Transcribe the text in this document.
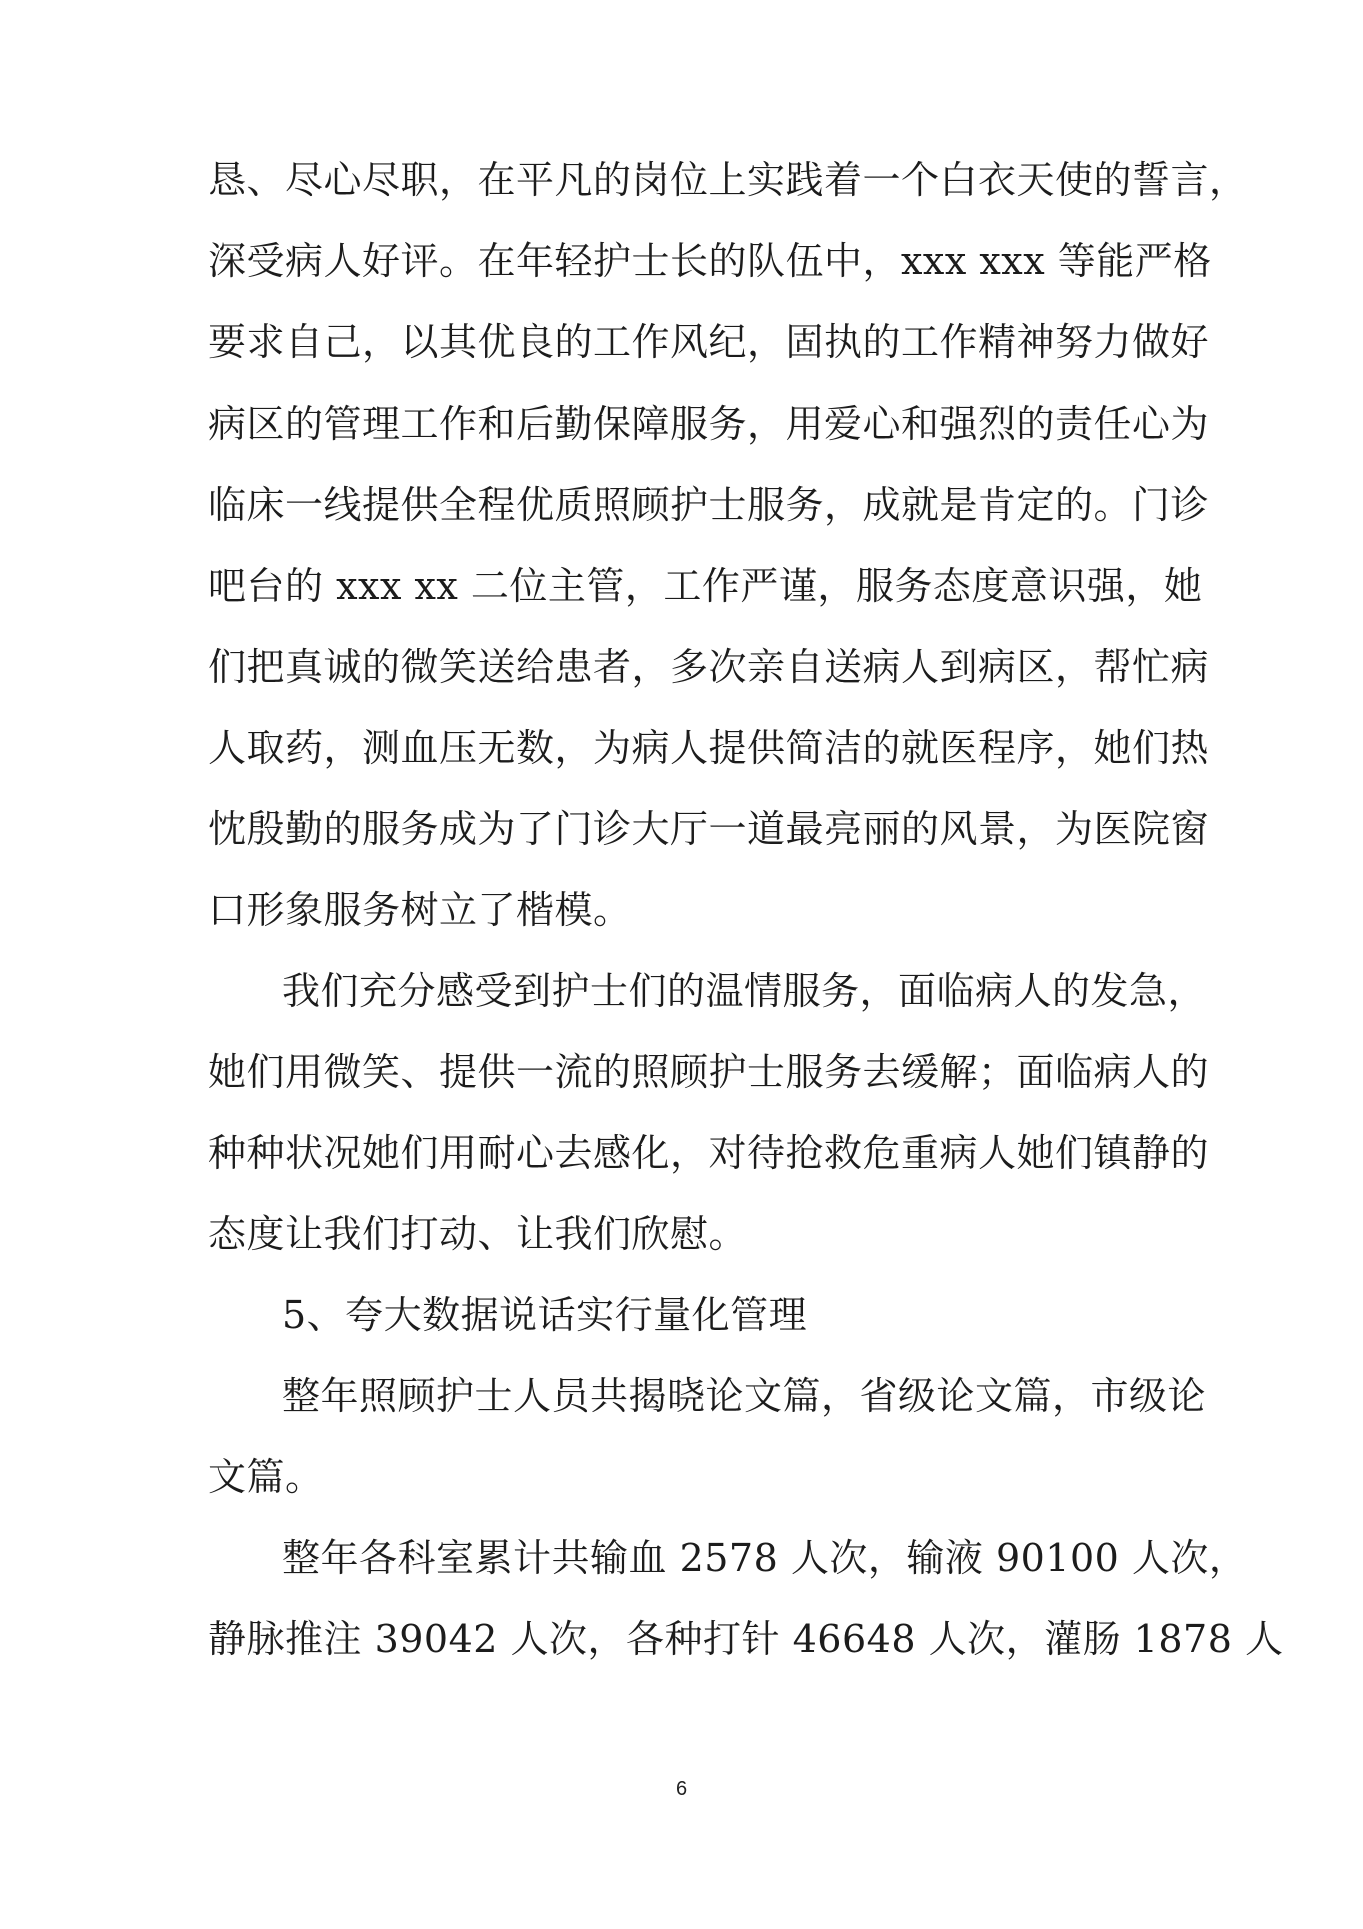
恳、尽心尽职，在平凡的岗位上实践着一个白衣天使的誓言，
深受病人好评。在年轻护士长的队伍中，xxx xxx 等能严格
要求自己，以其优良的工作风纪，固执的工作精神努力做好
病区的管理工作和后勤保障服务，用爱心和强烈的责任心为
临床一线提供全程优质照顾护士服务，成就是肯定的。门诊
吧台的 xxx xx 二位主管，工作严谨，服务态度意识强，她
们把真诚的微笑送给患者，多次亲自送病人到病区，帮忙病
人取药，测血压无数，为病人提供简洁的就医程序，她们热
忱殷勤的服务成为了门诊大厅一道最亮丽的风景，为医院窗
口形象服务树立了楷模。
我们充分感受到护士们的温情服务，面临病人的发急，
她们用微笑、提供一流的照顾护士服务去缓解；面临病人的
种种状况她们用耐心去感化，对待抢救危重病人她们镇静的
态度让我们打动、让我们欣慰。
5、夸大数据说话实行量化管理
整年照顾护士人员共揭晓论文篇，省级论文篇，市级论
文篇。
整年各科室累计共输血 2578 人次，输液 90100 人次，
静脉推注 39042 人次，各种打针 46648 人次，灌肠 1878 人
6
